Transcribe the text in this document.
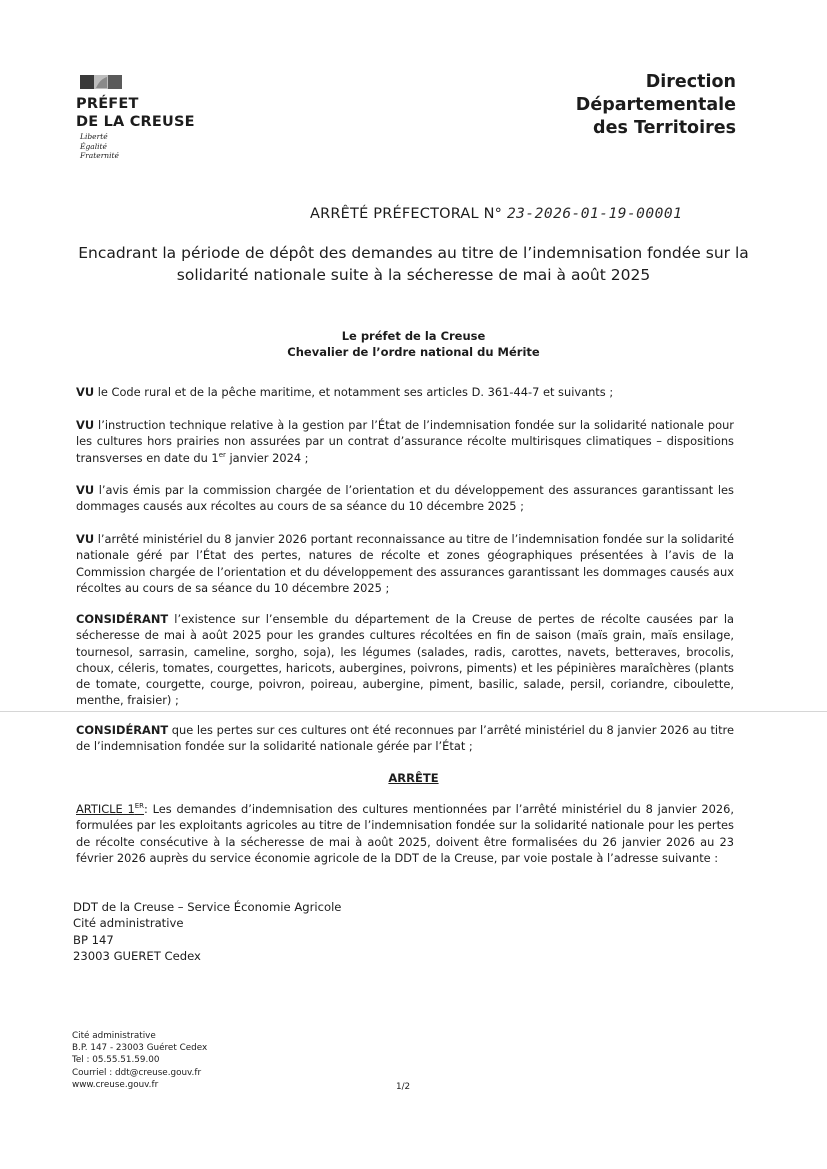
PRÉFET
DE LA CREUSE
Liberté
Égalité
Fraternité
Direction
Départementale
des Territoires
ARRÊTÉ PRÉFECTORAL N° 23-2026-01-19-00001
Encadrant la période de dépôt des demandes au titre de l’indemnisation fondée sur la solidarité nationale suite à la sécheresse de mai à août 2025
Le préfet de la Creuse
Chevalier de l’ordre national du Mérite
VU le Code rural et de la pêche maritime, et notamment ses articles D. 361-44-7 et suivants ;
VU l’instruction technique relative à la gestion par l’État de l’indemnisation fondée sur la solidarité nationale pour les cultures hors prairies non assurées par un contrat d’assurance récolte multirisques climatiques – dispositions transverses en date du 1er janvier 2024 ;
VU l’avis émis par la commission chargée de l’orientation et du développement des assurances garantissant les dommages causés aux récoltes au cours de sa séance du 10 décembre 2025 ;
VU l’arrêté ministériel du 8 janvier 2026 portant reconnaissance au titre de l’indemnisation fondée sur la solidarité nationale géré par l’État des pertes, natures de récolte et zones géographiques présentées à l’avis de la Commission chargée de l’orientation et du développement des assurances garantissant les dommages causés aux récoltes au cours de sa séance du 10 décembre 2025 ;
CONSIDÉRANT l’existence sur l’ensemble du département de la Creuse de pertes de récolte causées par la sécheresse de mai à août 2025 pour les grandes cultures récoltées en fin de saison (maïs grain, maïs ensilage, tournesol, sarrasin, cameline, sorgho, soja), les légumes (salades, radis, carottes, navets, betteraves, brocolis, choux, céleris, tomates, courgettes, haricots, aubergines, poivrons, piments) et les pépinières maraîchères (plants de tomate, courgette, courge, poivron, poireau, aubergine, piment, basilic, salade, persil, coriandre, ciboulette, menthe, fraisier) ;
CONSIDÉRANT que les pertes sur ces cultures ont été reconnues par l’arrêté ministériel du 8 janvier 2026 au titre de l’indemnisation fondée sur la solidarité nationale gérée par l’État ;
ARRÊTE
ARTICLE 1ER: Les demandes d’indemnisation des cultures mentionnées par l’arrêté ministériel du 8 janvier 2026, formulées par les exploitants agricoles au titre de l’indemnisation fondée sur la solidarité nationale pour les pertes de récolte consécutive à la sécheresse de mai à août 2025, doivent être formalisées du 26 janvier 2026 au 23 février 2026 auprès du service économie agricole de la DDT de la Creuse, par voie postale à l’adresse suivante :
DDT de la Creuse – Service Économie Agricole
Cité administrative
BP 147
23003 GUERET Cedex
Cité administrative
B.P. 147 - 23003 Guéret Cedex
Tel : 05.55.51.59.00
Courriel : ddt@creuse.gouv.fr
www.creuse.gouv.fr	1/2
